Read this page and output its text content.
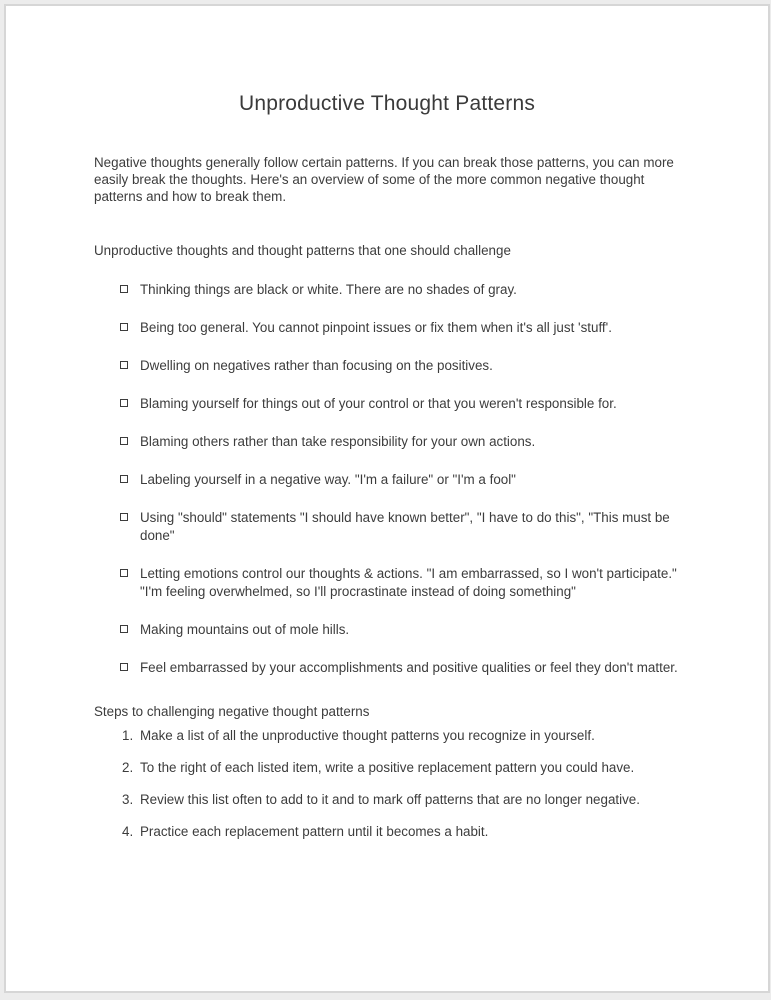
Unproductive Thought Patterns

Negative thoughts generally follow certain patterns. If you can break those patterns, you can more easily break the thoughts. Here's an overview of some of the more common negative thought patterns and how to break them.

Unproductive thoughts and thought patterns that one should challenge

Thinking things are black or white. There are no shades of gray.
Being too general. You cannot pinpoint issues or fix them when it's all just 'stuff'.
Dwelling on negatives rather than focusing on the positives.
Blaming yourself for things out of your control or that you weren't responsible for.
Blaming others rather than take responsibility for your own actions.
Labeling yourself in a negative way. "I'm a failure" or "I'm a fool"
Using "should" statements "I should have known better", "I have to do this", "This must be done"
Letting emotions control our thoughts & actions. "I am embarrassed, so I won't participate." "I'm feeling overwhelmed, so I'll procrastinate instead of doing something"
Making mountains out of mole hills.
Feel embarrassed by your accomplishments and positive qualities or feel they don't matter.

Steps to challenging negative thought patterns

1. Make a list of all the unproductive thought patterns you recognize in yourself.
2. To the right of each listed item, write a positive replacement pattern you could have.
3. Review this list often to add to it and to mark off patterns that are no longer negative.
4. Practice each replacement pattern until it becomes a habit.
